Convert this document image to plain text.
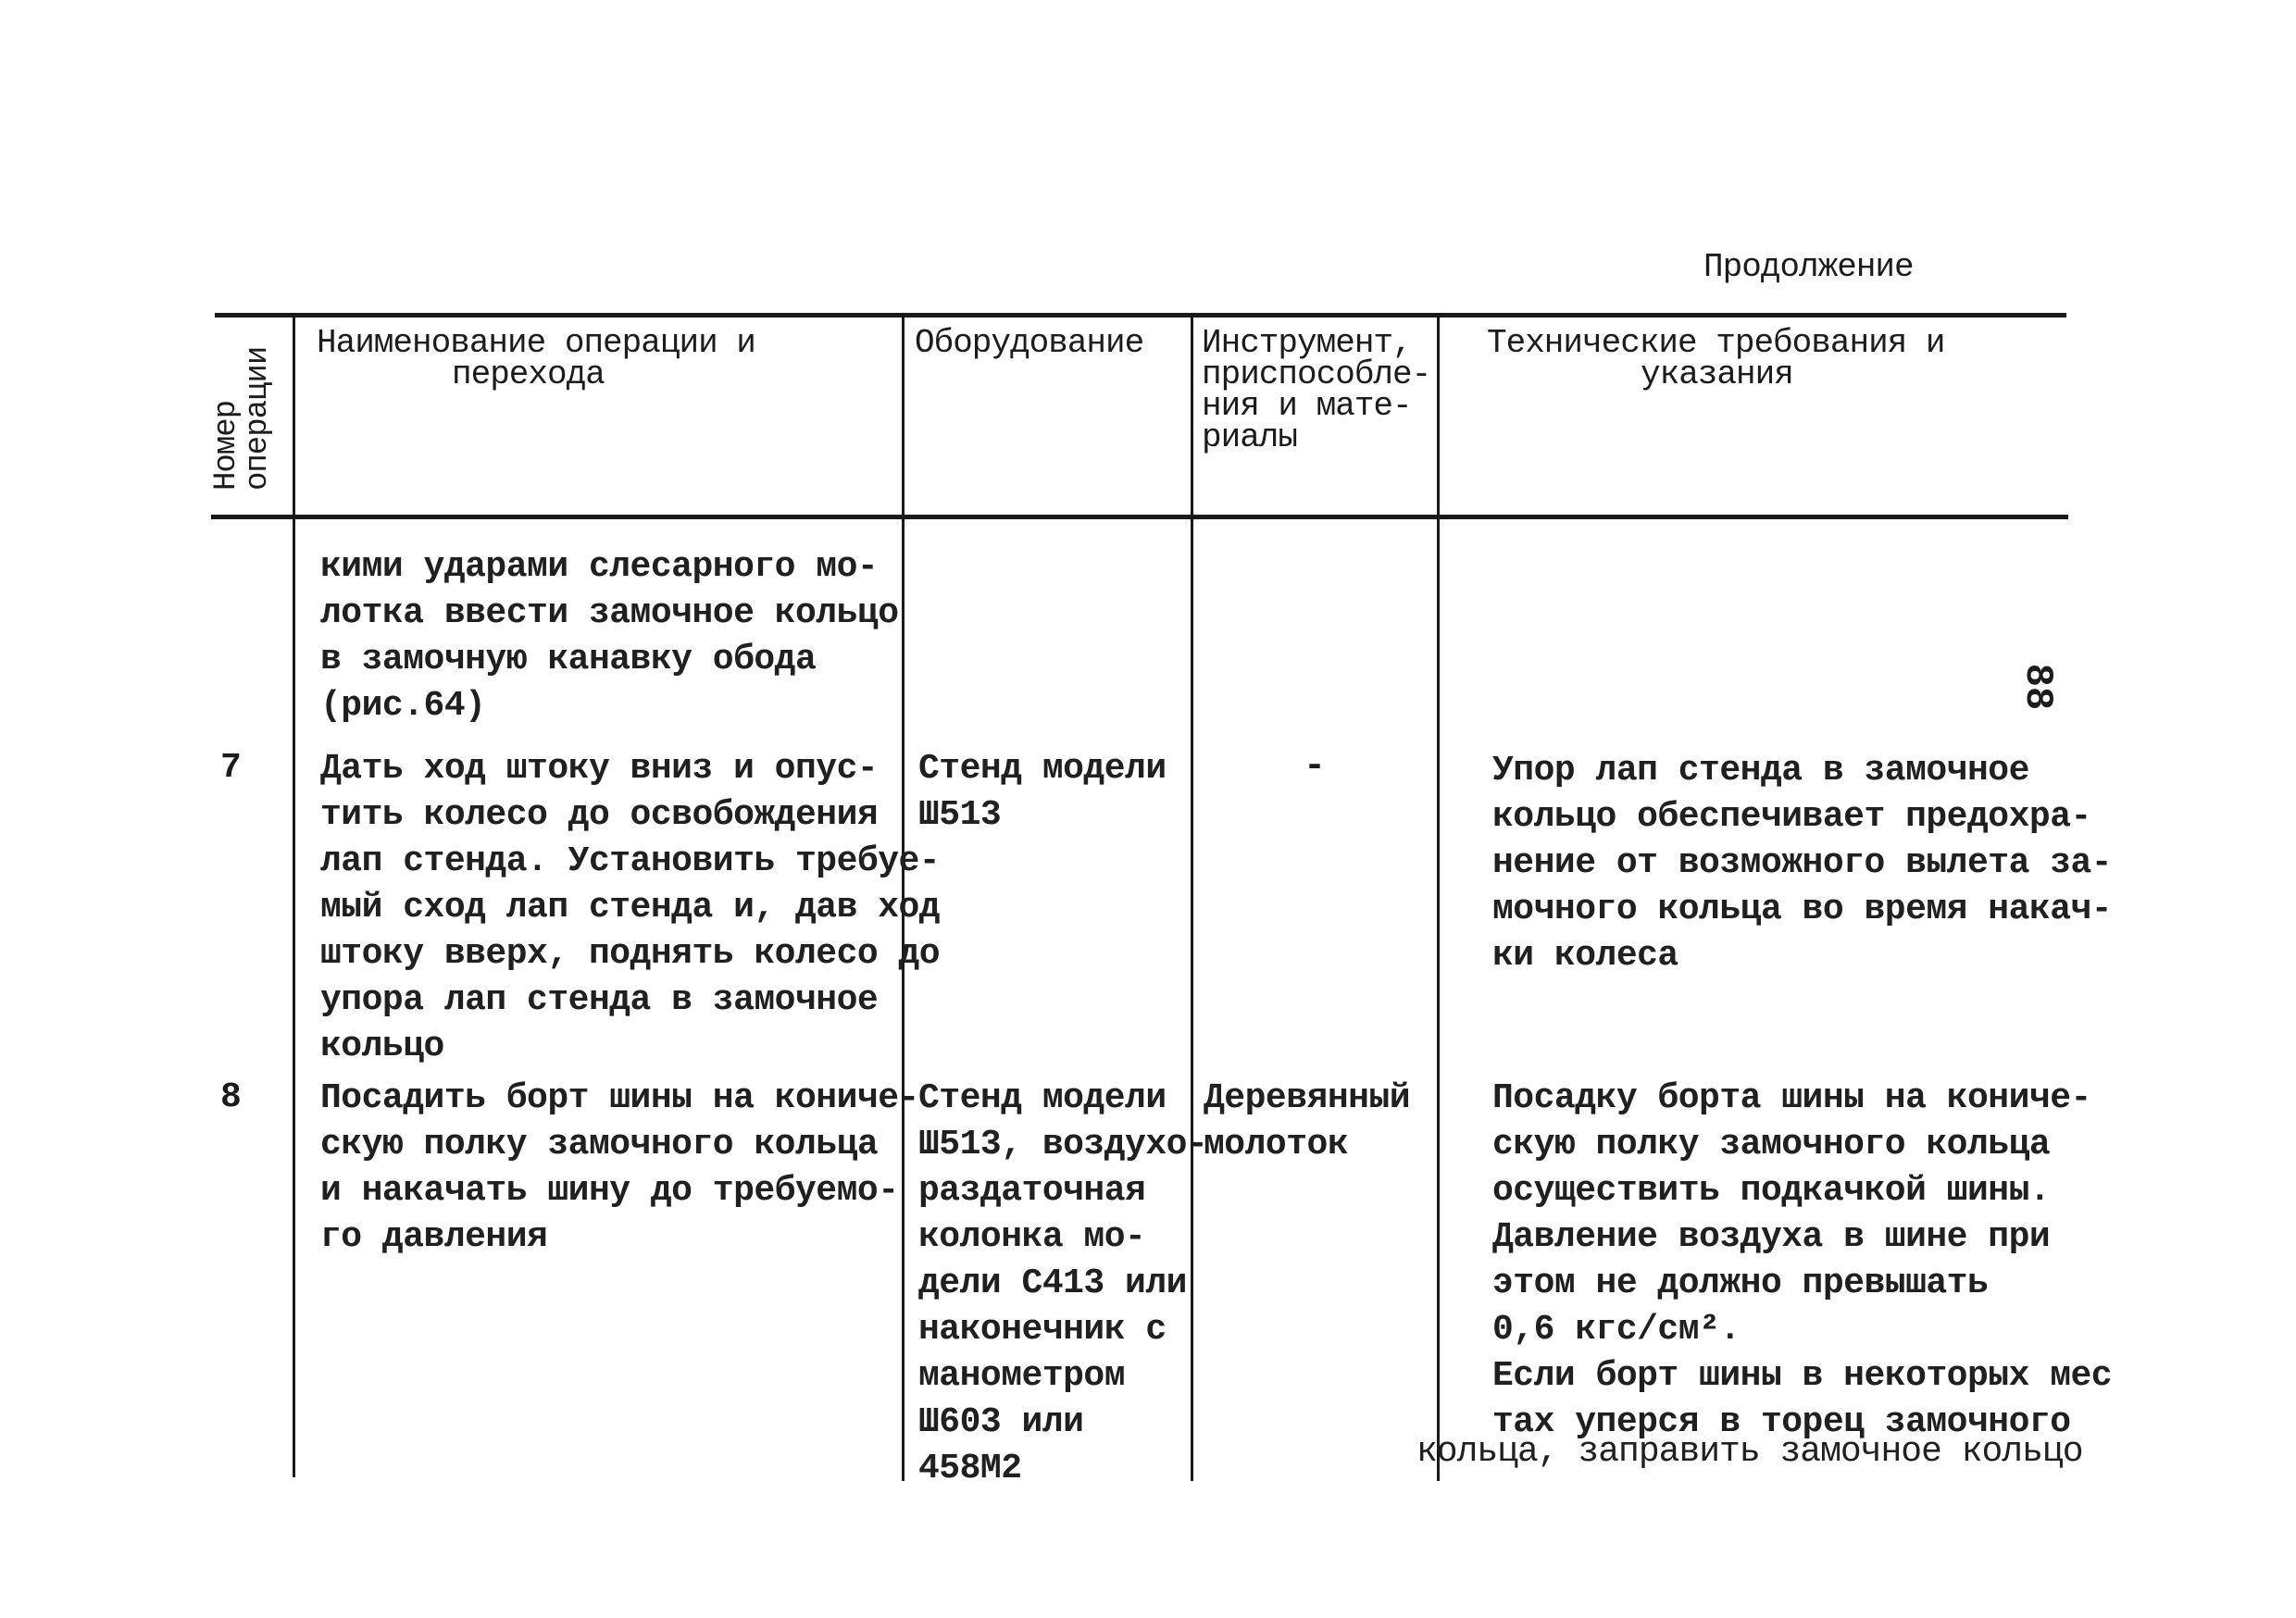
Продолжение
88
Номер
операции
Наименование операции и
перехода
Оборудование Инструмент,
приспособле-
ния и мате-
риалы
Технические требования и
указания
кими ударами слесарного мо-
лотка ввести замочное кольцо
в замочную канавку обода
(рис.64)
7 Дать ход штоку вниз и опус-
тить колесо до освобождения
лап стенда. Установить требуе-
мый сход лап стенда и, дав ход
штоку вверх, поднять колесо до
упора лап стенда в замочное
кольцо
Стенд модели
Ш513
-	Упор лап стенда в замочное
кольцо обеспечивает предохра-
нение от возможного вылета за-
мочного кольца во время накач-
ки колеса
8 Посадить борт шины на кониче-
скую полку замочного кольца
и накачать шину до требуемо-
го давления
Стенд модели
Ш513, воздухо-
раздаточная
колонка мо-
дели С413 или
наконечник с
манометром
Ш603 или
458М2
Деревянный
молоток
Посадку борта шины на кониче-
скую полку замочного кольца
осуществить подкачкой шины.
Давление воздуха в шине при
этом не должно превышать
0,6 кгс/см².
Если борт шины в некоторых мес
тах уперся в торец замочного
кольца, заправить замочное кольцо
